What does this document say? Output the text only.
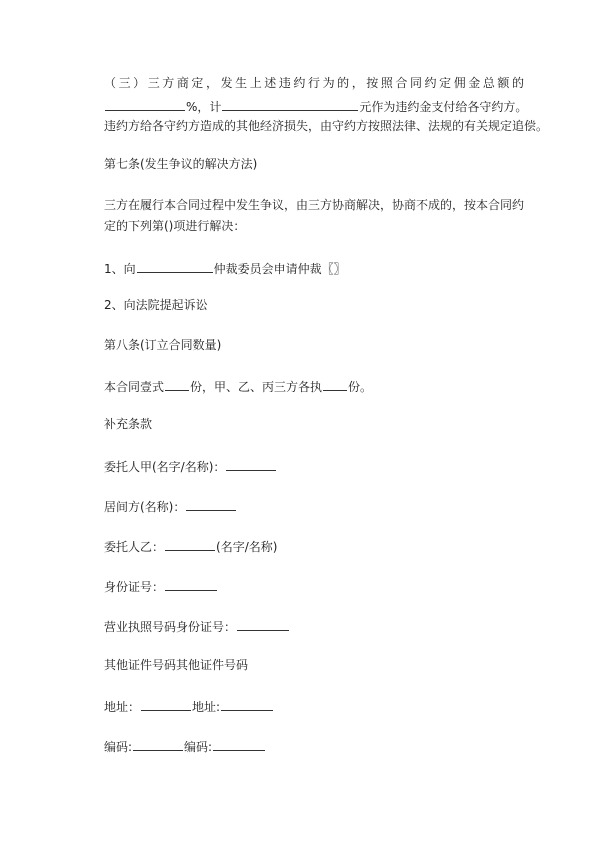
（三）三方商定，发生上述违约行为的，按照合同约定佣金总额的
%，计	元作为违约金支付给各守约方。
违约方给各守约方造成的其他经济损失，由守约方按照法律、法规的有关规定追偿。
第七条(发生争议的解决方法)
三方在履行本合同过程中发生争议，由三方协商解决，协商不成的，按本合同约
定的下列第()项进行解决：
1、向	仲裁委员会申请仲裁〖〗
2、向法院提起诉讼
第八条(订立合同数量)
本合同壹式 份，甲、乙、丙三方各执 份。
补充条款
委托人甲(名字/名称)：
居间方(名称)：
委托人乙：	(名字/名称)
身份证号：
营业执照号码身份证号：
其他证件号码其他证件号码
地址：	地址:
编码:	编码:
